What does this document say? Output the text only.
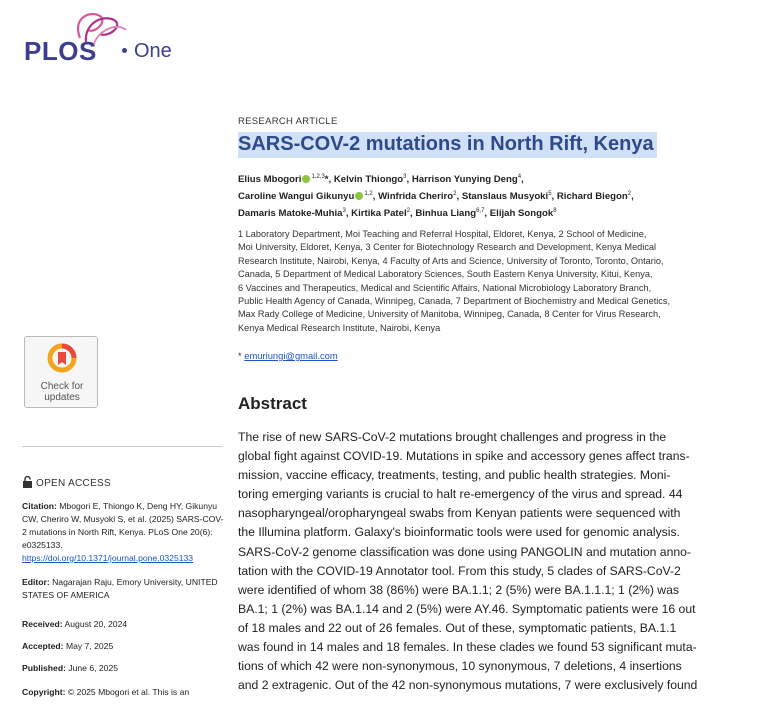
PLOS One
Check for
updates
OPEN ACCESS
Citation: Mbogori E, Thiongo K, Deng HY, Gikunyu CW, Cheriro W, Musyoki S, et al. (2025) SARS-COV-2 mutations in North Rift, Kenya. PLoS One 20(6): e0325133. https://doi.org/10.1371/journal.pone.0325133
Editor: Nagarajan Raju, Emory University, UNITED STATES OF AMERICA
Received: August 20, 2024
Accepted: May 7, 2025
Published: June 6, 2025
Copyright: © 2025 Mbogori et al. This is an
RESEARCH ARTICLE
SARS-COV-2 mutations in North Rift, Kenya
Elius Mbogori $^{1,2,3}$*, Kelvin Thiongo$^3$, Harrison Yunying Deng$^4$,
Caroline Wangui Gikunyu $^{1,2}$, Winfrida Cheriro$^2$, Stanslaus Musyoki$^5$, Richard Biegon$^2$,
Damaris Matoke-Muhia$^3$, Kirtika Patel$^2$, Binhua Liang$^{6,7}$, Elijah Songok$^8$
1 Laboratory Department, Moi Teaching and Referral Hospital, Eldoret, Kenya, 2 School of Medicine,
Moi University, Eldoret, Kenya, 3 Center for Biotechnology Research and Development, Kenya Medical
Research Institute, Nairobi, Kenya, 4 Faculty of Arts and Science, University of Toronto, Toronto, Ontario,
Canada, 5 Department of Medical Laboratory Sciences, South Eastern Kenya University, Kitui, Kenya,
6 Vaccines and Therapeutics, Medical and Scientific Affairs, National Microbiology Laboratory Branch,
Public Health Agency of Canada, Winnipeg, Canada, 7 Department of Biochemistry and Medical Genetics,
Max Rady College of Medicine, University of Manitoba, Winnipeg, Canada, 8 Center for Virus Research,
Kenya Medical Research Institute, Nairobi, Kenya
* emuriungi@gmail.com
Abstract
The rise of new SARS-CoV-2 mutations brought challenges and progress in the
global fight against COVID-19. Mutations in spike and accessory genes affect trans-
mission, vaccine efficacy, treatments, testing, and public health strategies. Moni-
toring emerging variants is crucial to halt re-emergency of the virus and spread. 44
nasopharyngeal/oropharyngeal swabs from Kenyan patients were sequenced with
the Illumina platform. Galaxy's bioinformatic tools were used for genomic analysis.
SARS-CoV-2 genome classification was done using PANGOLIN and mutation anno-
tation with the COVID-19 Annotator tool. From this study, 5 clades of SARS-CoV-2
were identified of whom 38 (86%) were BA.1.1; 2 (5%) were BA.1.1.1; 1 (2%) was
BA.1; 1 (2%) was BA.1.14 and 2 (5%) were AY.46. Symptomatic patients were 16 out
of 18 males and 22 out of 26 females. Out of these, symptomatic patients, BA.1.1
was found in 14 males and 18 females. In these clades we found 53 significant muta-
tions of which 42 were non-synonymous, 10 synonymous, 7 deletions, 4 insertions
and 2 extragenic. Out of the 42 non-synonymous mutations, 7 were exclusively found
